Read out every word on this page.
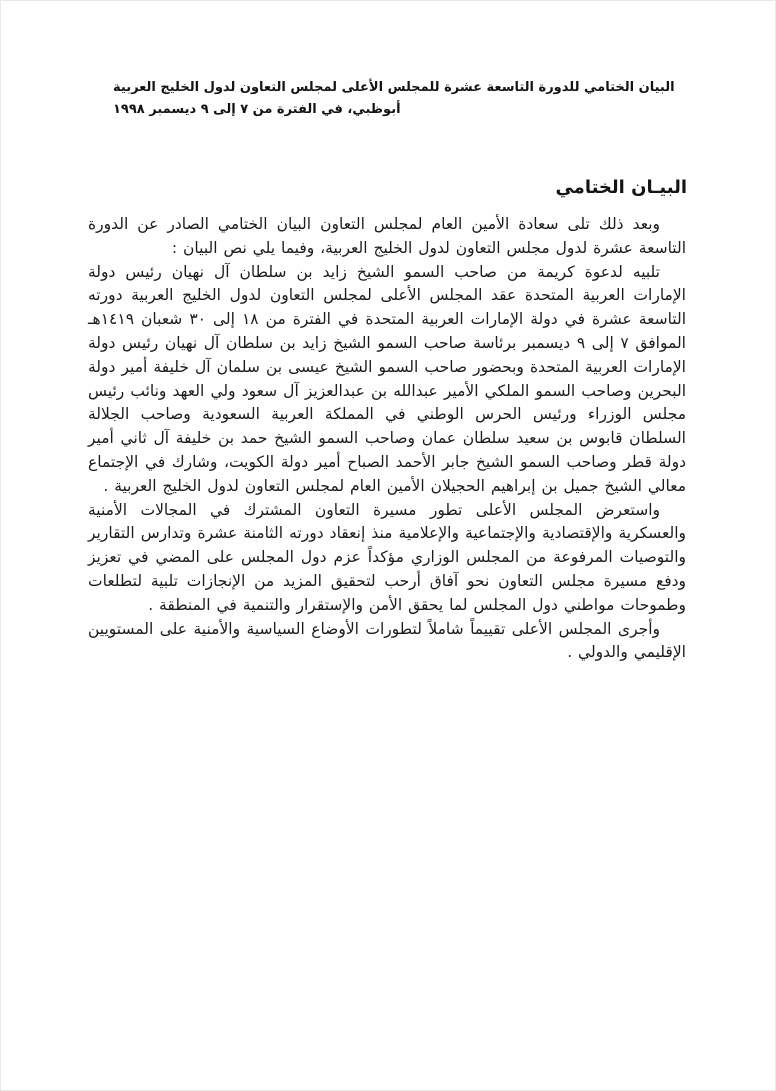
البيان الختامي للدورة التاسعة عشرة للمجلس الأعلى لمجلس التعاون لدول الخليج العربية
أبوظبي، في الفترة من ٧ إلى ٩ ديسمبر ١٩٩٨
البيـان الختامي

وبعد ذلك تلى سعادة الأمين العام لمجلس التعاون البيان الختامي الصادر عن الدورة التاسعة عشرة لدول مجلس التعاون لدول الخليج العربية، وفيما يلي نص البيان :

تلبيه لدعوة كريمة من صاحب السمو الشيخ زايد بن سلطان آل نهيان رئيس دولة الإمارات العربية المتحدة عقد المجلس الأعلى لمجلس التعاون لدول الخليج العربية دورته التاسعة عشرة في دولة الإمارات العربية المتحدة في الفترة من ١٨ إلى ٣٠ شعبان ١٤١٩هـ الموافق ٧ إلى ٩ ديسمبر برئاسة صاحب السمو الشيخ زايد بن سلطان آل نهيان رئيس دولة الإمارات العربية المتحدة وبحضور صاحب السمو الشيخ عيسى بن سلمان آل خليفة أمير دولة البحرين وصاحب السمو الملكي الأمير عبدالله بن عبدالعزيز آل سعود ولي العهد ونائب رئيس مجلس الوزراء ورئيس الحرس الوطني في المملكة العربية السعودية وصاحب الجلالة السلطان قابوس بن سعيد سلطان عمان وصاحب السمو الشيخ حمد بن خليفة آل ثاني أمير دولة قطر وصاحب السمو الشيخ جابر الأحمد الصباح أمير دولة الكويت، وشارك في الإجتماع معالي الشيخ جميل بن إبراهيم الحجيلان الأمين العام لمجلس التعاون لدول الخليج العربية .

واستعرض المجلس الأعلى تطور مسيرة التعاون المشترك في المجالات الأمنية والعسكرية والإقتصادية والإجتماعية والإعلامية منذ إنعقاد دورته الثامنة عشرة وتدارس التقارير والتوصيات المرفوعة من المجلس الوزاري مؤكداً عزم دول المجلس على المضي في تعزيز ودفع مسيرة مجلس التعاون نحو آفاق أرحب لتحقيق المزيد من الإنجازات تلبية لتطلعات وطموحات مواطني دول المجلس لما يحقق الأمن والإستقرار والتنمية في المنطقة .

وأجرى المجلس الأعلى تقييماً شاملاً لتطورات الأوضاع السياسية والأمنية على المستويين الإقليمي والدولي .
